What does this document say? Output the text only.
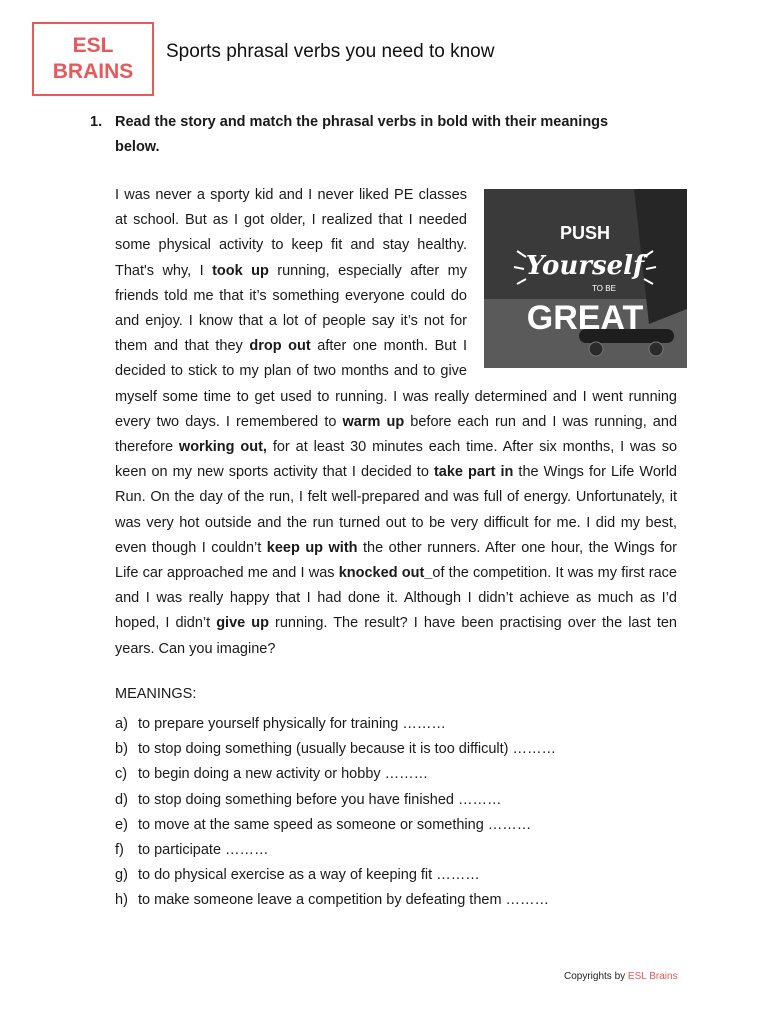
ESL
BRAINS
Sports phrasal verbs you need to know
1. Read the story and match the phrasal verbs in bold with their meanings below.
I was never a sporty kid and I never liked PE classes at school. But as I got older, I realized that I needed some physical activity to keep fit and stay healthy. That's why, I took up running, especially after my friends told me that it’s something everyone could do and enjoy. I know that a lot of people say it’s not for them and that they drop out after one month. But I decided to stick to my plan of two months and to give myself some time to get used to running. I was really determined and I went running every two days. I remembered to warm up before each run and I was running, and therefore working out, for at least 30 minutes each time. After six months, I was so keen on my new sports activity that I decided to take part in the Wings for Life World Run. On the day of the run, I felt well-prepared and was full of energy. Unfortunately, it was very hot outside and the run turned out to be very difficult for me. I did my best, even though I couldn’t keep up with the other runners. After one hour, the Wings for Life car approached me and I was knocked out_of the competition. It was my first race and I was really happy that I had done it. Although I didn’t achieve as much as I’d hoped, I didn’t give up running. The result? I have been practising over the last ten years. Can you imagine?
PUSH
Yourself
TO BE
GREAT
MEANINGS:
a) to prepare yourself physically for training ………
b) to stop doing something (usually because it is too difficult) ………
c) to begin doing a new activity or hobby ………
d) to stop doing something before you have finished ………
e) to move at the same speed as someone or something ………
f) to participate ………
g) to do physical exercise as a way of keeping fit ………
h) to make someone leave a competition by defeating them ………
Copyrights by ESL Brains
